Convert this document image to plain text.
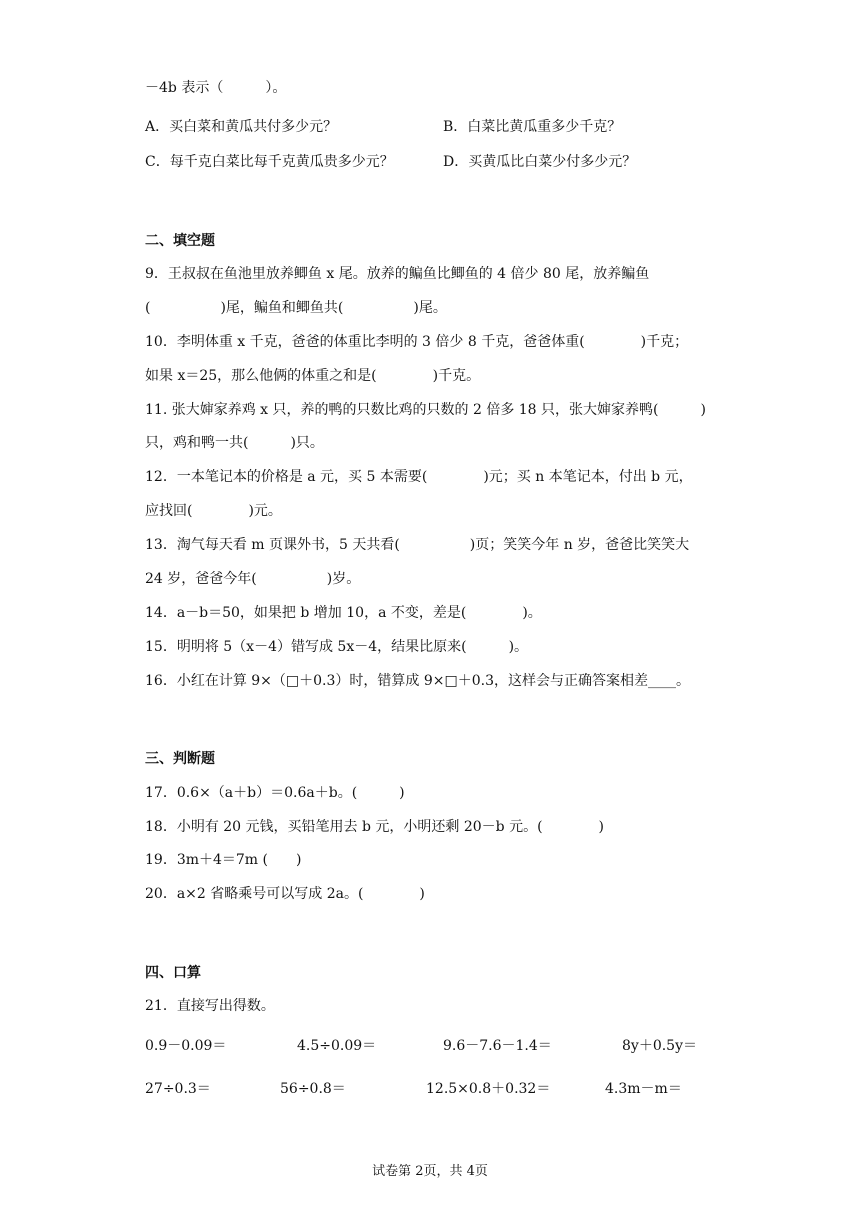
－4b 表示（　　　）。
A．买白菜和黄瓜共付多少元？	B．白菜比黄瓜重多少千克？
C．每千克白菜比每千克黄瓜贵多少元？	D．买黄瓜比白菜少付多少元？
二、填空题
9．王叔叔在鱼池里放养鲫鱼 x 尾。放养的鳊鱼比鲫鱼的 4 倍少 80 尾，放养鳊鱼
(　　　　　)尾，鳊鱼和鲫鱼共(　　　　　)尾。
10．李明体重 x 千克，爸爸的体重比李明的 3 倍少 8 千克，爸爸体重(　　　　)千克；
如果 x＝25，那么他俩的体重之和是(　　　　)千克。
11. 张大婶家养鸡 x 只，养的鸭的只数比鸡的只数的 2 倍多 18 只，张大婶家养鸭(　　　)
只，鸡和鸭一共(　　　)只。
12．一本笔记本的价格是 a 元，买 5 本需要(　　　　)元；买 n 本笔记本，付出 b 元，
应找回(　　　　)元。
13．淘气每天看 m 页课外书，5 天共看(　　　　　)页；笑笑今年 n 岁，爸爸比笑笑大
24 岁，爸爸今年(　　　　　)岁。
14．a－b＝50，如果把 b 增加 10，a 不变，差是(　　　　)。
15．明明将 5（x－4）错写成 5x－4，结果比原来(　　　)。
16．小红在计算 9×（□＋0.3）时，错算成 9×□＋0.3，这样会与正确答案相差____。
三、判断题
17．0.6×（a＋b）＝0.6a＋b。(　　　)
18．小明有 20 元钱，买铅笔用去 b 元，小明还剩 20－b 元。(　　　　)
19．3m＋4＝7m (　　)
20．a×2 省略乘号可以写成 2a。(　　　　)
四、口算
21．直接写出得数。
0.9－0.09＝	4.5÷0.09＝	9.6－7.6－1.4＝	8y＋0.5y＝
27÷0.3＝	56÷0.8＝	12.5×0.8＋0.32＝	4.3m－m＝
试卷第 2页，共 4页
